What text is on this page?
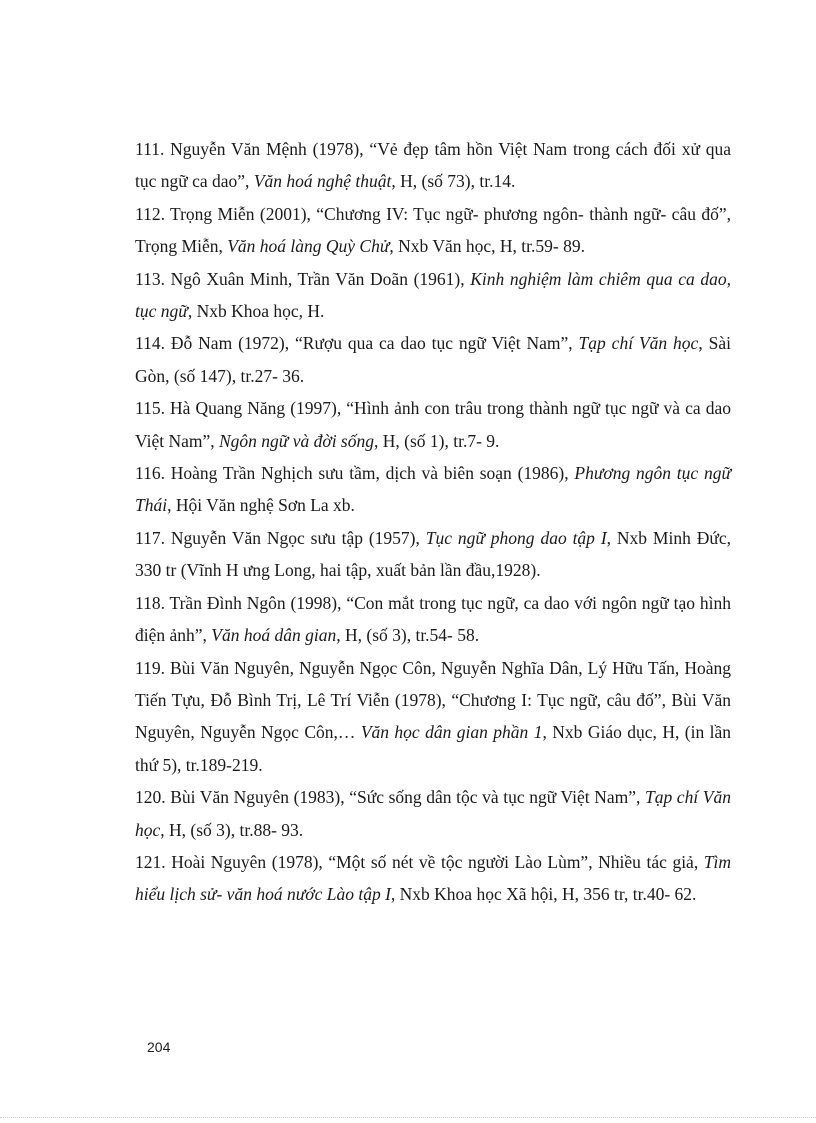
111. Nguyễn Văn Mệnh (1978), “Vẻ đẹp tâm hồn Việt Nam trong cách đối xử qua tục ngữ ca dao”, Văn hoá nghệ thuật, H, (số 73), tr.14.

112. Trọng Miễn (2001), “Chương IV: Tục ngữ- phương ngôn- thành ngữ- câu đố”, Trọng Miễn, Văn hoá làng Quỳ Chử, Nxb Văn học, H, tr.59- 89.

113. Ngô Xuân Minh, Trần Văn Doãn (1961), Kinh nghiệm làm chiêm qua ca dao, tục ngữ, Nxb Khoa học, H.

114. Đỗ Nam (1972), “Rượu qua ca dao tục ngữ Việt Nam”, Tạp chí Văn học, Sài Gòn, (số 147), tr.27- 36.

115. Hà Quang Năng (1997), “Hình ảnh con trâu trong thành ngữ tục ngữ và ca dao Việt Nam”, Ngôn ngữ và đời sống, H, (số 1), tr.7- 9.

116. Hoàng Trần Nghịch sưu tầm, dịch và biên soạn (1986), Phương ngôn tục ngữ Thái, Hội Văn nghệ Sơn La xb.

117. Nguyễn Văn Ngọc sưu tập (1957), Tục ngữ phong dao tập I, Nxb Minh Đức, 330 tr (Vĩnh H ưng Long, hai tập, xuất bản lần đầu,1928).

118. Trần Đình Ngôn (1998), “Con mắt trong tục ngữ, ca dao với ngôn ngữ tạo hình điện ảnh”, Văn hoá dân gian, H, (số 3), tr.54- 58.

119. Bùi Văn Nguyên, Nguyễn Ngọc Côn, Nguyễn Nghĩa Dân, Lý Hữu Tấn, Hoàng Tiến Tựu, Đỗ Bình Trị, Lê Trí Viễn (1978), “Chương I: Tục ngữ, câu đố”, Bùi Văn Nguyên, Nguyễn Ngọc Côn,… Văn học dân gian phần 1, Nxb Giáo dục, H, (in lần thứ 5), tr.189-219.

120. Bùi Văn Nguyên (1983), “Sức sống dân tộc và tục ngữ Việt Nam”, Tạp chí Văn học, H, (số 3), tr.88- 93.

121. Hoài Nguyên (1978), “Một số nét về tộc người Lào Lùm”, Nhiều tác giả, Tìm hiểu lịch sử- văn hoá nước Lào tập I, Nxb Khoa học Xã hội, H, 356 tr, tr.40- 62.

204
